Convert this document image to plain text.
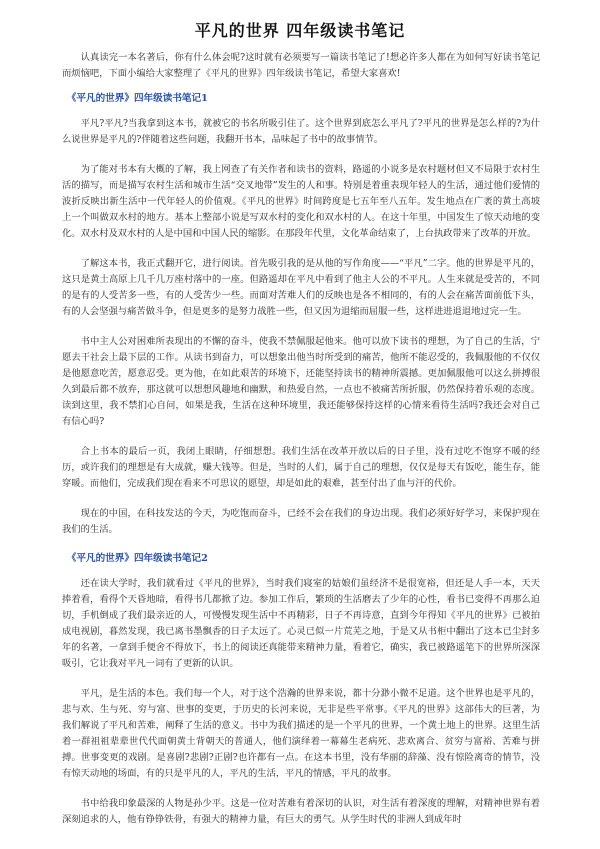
平凡的世界 四年级读书笔记

认真读完一本名著后，你有什么体会呢?这时就有必须要写一篇读书笔记了!想必许多人都在为如何写好读书笔记而烦恼吧，下面小编给大家整理了《平凡的世界》四年级读书笔记，希望大家喜欢!

《平凡的世界》四年级读书笔记1

平凡?平凡?当我拿到这本书，就被它的书名所吸引住了。这个世界到底怎么平凡了?平凡的世界是怎么样的?为什么说世界是平凡的?伴随着这些问题，我翻开书本，品味起了书中的故事情节。

为了能对书本有大概的了解，我上网查了有关作者和读书的资料，路遥的小说多是农村题材但又不局限于农村生活的描写，而是描写农村生活和城市生活“交叉地带”发生的人和事。特别是着重表现年轻人的生活，通过他们爱情的波折反映出新生活中一代年轻人的价值观。《平凡的世界》时间跨度是七五年至八五年。发生地点在广袤的黄土高坡上一个叫做双水村的地方。基本上整部小说是写双水村的变化和双水村的人。在这十年里，中国发生了惊天动地的变化。双水村及双水村的人是中国和中国人民的缩影。在那段年代里，文化革命结束了，上台执政带来了改革的开放。

了解这本书，我正式翻开它，进行阅读。首先吸引我的是从他的写作角度——“平凡”二字。他的世界是平凡的，这只是黄土高原上几千几万座村落中的一座。但路遥却在平凡中看到了他主人公的不平凡。人生来就是受苦的，不同的是有的人受苦多一些，有的人受苦少一些。而面对苦难人们的反映也是各不相同的，有的人会在痛苦面前低下头，有的人会坚强与痛苦做斗争，但是更多的是努力战胜一些，但又因为退缩而屈服一些，这样进进退退地过完一生。

书中主人公对困难所表现出的不懈的奋斗，使我不禁佩服起他来。他可以放下读书的理想，为了自己的生活，宁愿去干社会上最下层的工作。从读书到奋力，可以想象出他当时所受到的痛苦，他所不能忍受的，我佩服他的不仅仅是他愿意吃苦，愿意忍受。更为他，在如此艰苦的环境下，还能坚持读书的精神所震撼。更加佩服他可以这么拼搏很久到最后都不放弃，那这就可以想想风趣地和幽默，和热爱自然，一点也不被痛苦所折服，仍然保持着乐观的态度。读到这里，我不禁扪心自问，如果是我，生活在这种环境里，我还能够保持这样的心情来看待生活吗?我还会对自己有信心吗?

合上书本的最后一页，我闭上眼睛，仔细想想。我们生活在改革开放以后的日子里，没有过吃不饱穿不暖的经历，或许我们的理想是有大成就，赚大钱等。但是，当时的人们，属于自己的理想，仅仅是每天有饭吃，能生存，能穿暖。而他们，完成我们现在看来不可思议的愿望，却是如此的艰难，甚至付出了血与汗的代价。

现在的中国，在科技发达的今天，为吃饱而奋斗，已经不会在我们的身边出现。我们必须好好学习，来保护现在我们的生活。

《平凡的世界》四年级读书笔记2

还在读大学时，我们就看过《平凡的世界》，当时我们寝室的姑娘们虽经济不是很宽裕，但还是人手一本，天天捧着看，看得个天昏地暗，看得书几都掀了边。参加工作后，繁琐的生活磨去了少年的心性，看书已变得不再那么迫切，手机倒成了我们最亲近的人，可慢慢发现生活中不再精彩，日子不再诗意，直到今年得知《平凡的世界》已被拍成电视剧，暮然发现，我已离书墨飘香的日子太远了。心灵已似一片荒芜之地，于是又从书柜中翻出了这本已尘封多年的名著，一拿到手便舍不得放下，书上的阅读还真能带来精神力量，看着它，确实，我已被路遥笔下的世界所深深吸引，它让我对平凡一词有了更新的认识。

平凡，是生活的本色。我们每一个人，对于这个浩瀚的世界来说，都十分渺小微不足道。这个世界也是平凡的，悲与欢、生与死、穷与富、世事的变更，于历史的长河来说，无非是些平常事。《平凡的世界》这部伟大的巨著，为我们解说了平凡和苦难，阐释了生活的意义。书中为我们描述的是一个平凡的世界，一个黄土地上的世界。这里生活着一群祖祖辈辈世代代面朝黄土背朝天的普通人，他们演绎着一幕幕生老病死、悲欢离合、贫穷与富裕、苦难与拼搏。世事变更的戏剧。是喜剧?悲剧?正剧?也许都有一点。在这本书里，没有华丽的辞藻、没有惊险离奇的情节，没有惊天动地的场面，有的只是平凡的人，平凡的生活，平凡的情感，平凡的故事。

书中给我印象最深的人物是孙少平。这是一位对苦难有着深切的认识，对生活有着深度的理解，对精神世界有着深刻追求的人，他有铮铮铁骨，有强大的精神力量，有巨大的勇气。从学生时代的非洲人到成年时
